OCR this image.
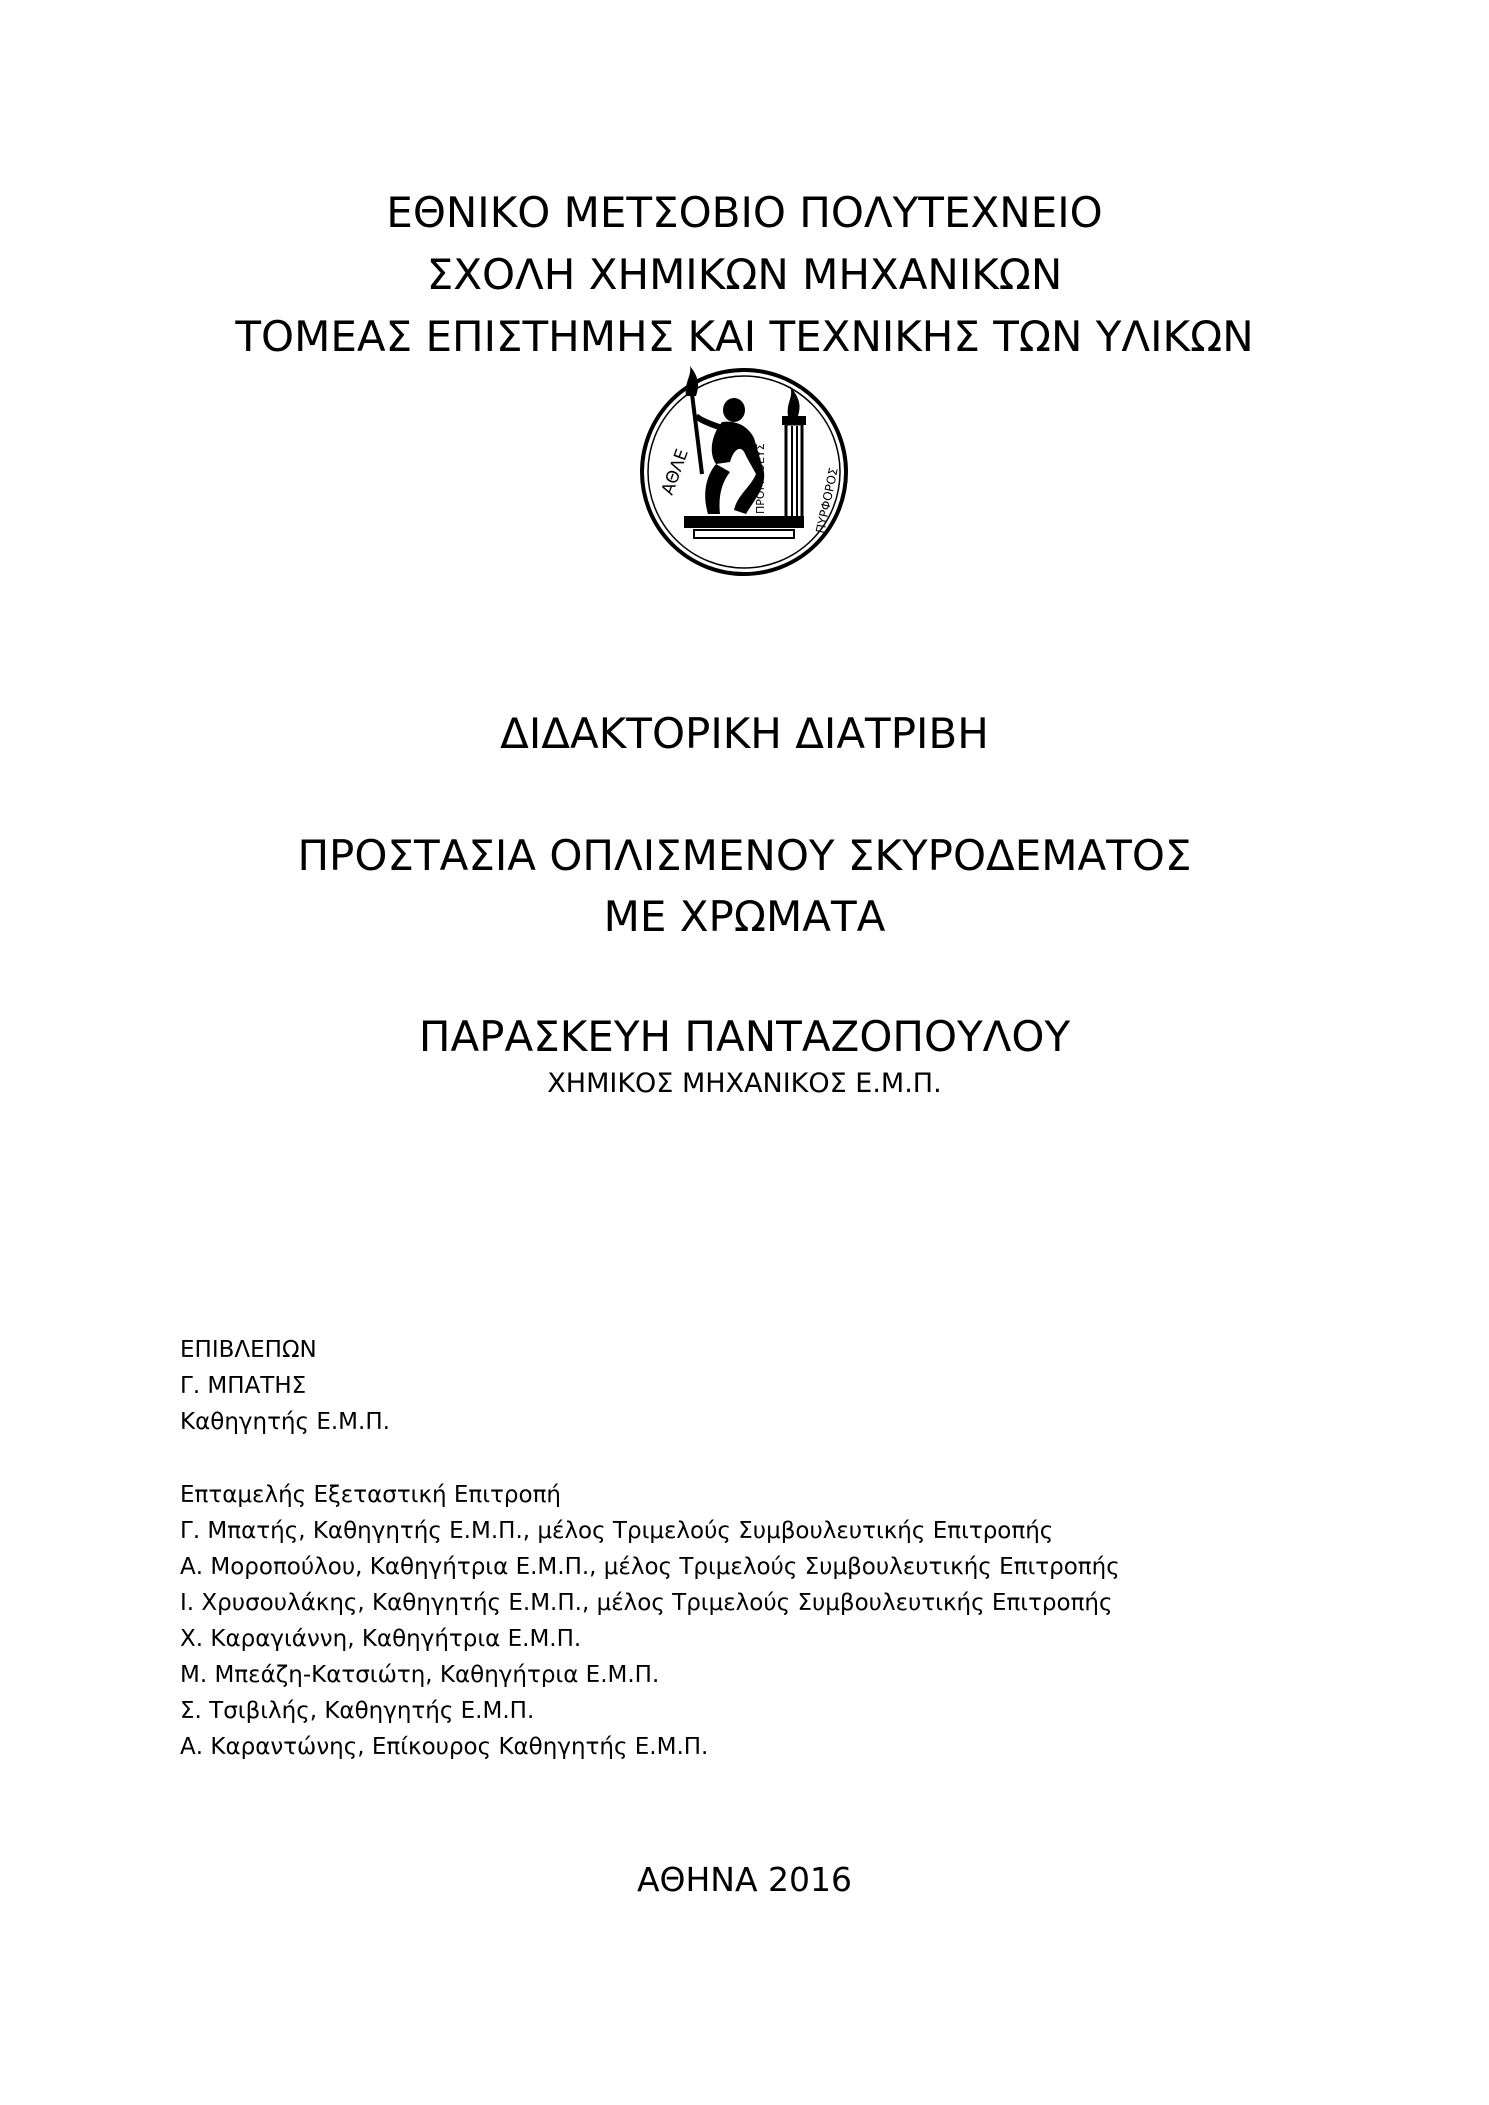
ΕΘΝΙΚΟ ΜΕΤΣΟΒΙΟ ΠΟΛΥΤΕΧΝΕΙΟ
ΣΧΟΛΗ ΧΗΜΙΚΩΝ ΜΗΧΑΝΙΚΩΝ
ΤΟΜΕΑΣ ΕΠΙΣΤΗΜΗΣ ΚΑΙ ΤΕΧΝΙΚΗΣ ΤΩΝ ΥΛΙΚΩΝ
ΑΘΛΕ	ΠΡΟΜΗΘΕΥΣ	ΠΥΡΦΟΡΟΣ
ΔΙΔΑΚΤΟΡΙΚΗ ΔΙΑΤΡΙΒΗ
ΠΡΟΣΤΑΣΙΑ ΟΠΛΙΣΜΕΝΟΥ ΣΚΥΡΟΔΕΜΑΤΟΣ
ΜΕ ΧΡΩΜΑΤΑ
ΠΑΡΑΣΚΕΥΗ ΠΑΝΤΑΖΟΠΟΥΛΟΥ
ΧΗΜΙΚΟΣ ΜΗΧΑΝΙΚΟΣ Ε.Μ.Π.
ΕΠΙΒΛΕΠΩΝ
Γ. ΜΠΑΤΗΣ
Καθηγητής Ε.Μ.Π.
Επταμελής Εξεταστική Επιτροπή
Γ. Μπατής, Καθηγητής Ε.Μ.Π., μέλος Τριμελούς Συμβουλευτικής Επιτροπής
Α. Μοροπούλου, Καθηγήτρια Ε.Μ.Π., μέλος Τριμελούς Συμβουλευτικής Επιτροπής
Ι. Χρυσουλάκης, Καθηγητής Ε.Μ.Π., μέλος Τριμελούς Συμβουλευτικής Επιτροπής
Χ. Καραγιάννη, Καθηγήτρια Ε.Μ.Π.
Μ. Μπεάζη-Κατσιώτη, Καθηγήτρια Ε.Μ.Π.
Σ. Τσιβιλής, Καθηγητής Ε.Μ.Π.
Α. Καραντώνης, Επίκουρος Καθηγητής Ε.Μ.Π.
ΑΘΗΝΑ 2016
